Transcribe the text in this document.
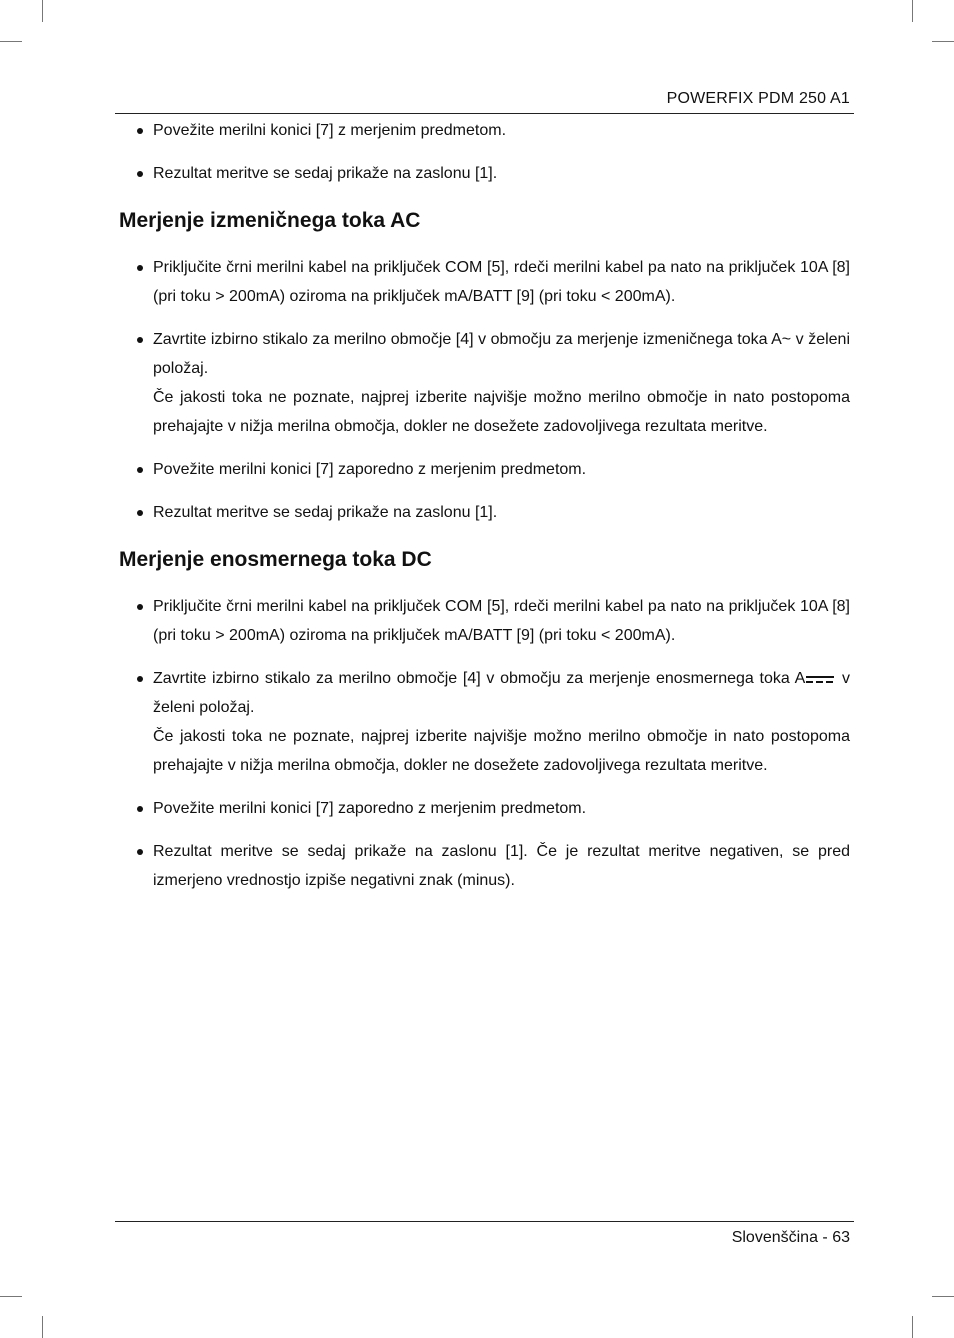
POWERFIX PDM 250 A1

Povežite merilni konici [7] z merjenim predmetom.

Rezultat meritve se sedaj prikaže na zaslonu [1].

Merjenje izmeničnega toka AC

Priključite črni merilni kabel na priključek COM [5], rdeči merilni kabel pa nato na priključek 10A [8] (pri toku > 200mA) oziroma na priključek mA/BATT [9] (pri toku < 200mA).

Zavrtite izbirno stikalo za merilno območje [4] v območju za merjenje izmeničnega toka A~ v želeni položaj.
Če jakosti toka ne poznate, najprej izberite najvišje možno merilno območje in nato postopoma prehajajte v nižja merilna območja, dokler ne dosežete zadovoljivega rezultata meritve.

Povežite merilni konici [7] zaporedno z merjenim predmetom.

Rezultat meritve se sedaj prikaže na zaslonu [1].

Merjenje enosmernega toka DC

Priključite črni merilni kabel na priključek COM [5], rdeči merilni kabel pa nato na priključek 10A [8] (pri toku > 200mA) oziroma na priključek mA/BATT [9] (pri toku < 200mA).

Zavrtite izbirno stikalo za merilno območje [4] v območju za merjenje enosmernega toka A
v želeni položaj.
Če jakosti toka ne poznate, najprej izberite najvišje možno merilno območje in nato postopoma prehajajte v nižja merilna območja, dokler ne dosežete zadovoljivega rezultata meritve.

Povežite merilni konici [7] zaporedno z merjenim predmetom.

Rezultat meritve se sedaj prikaže na zaslonu [1]. Če je rezultat meritve negativen, se pred izmerjeno vrednostjo izpiše negativni znak (minus).

Slovenščina - 63
